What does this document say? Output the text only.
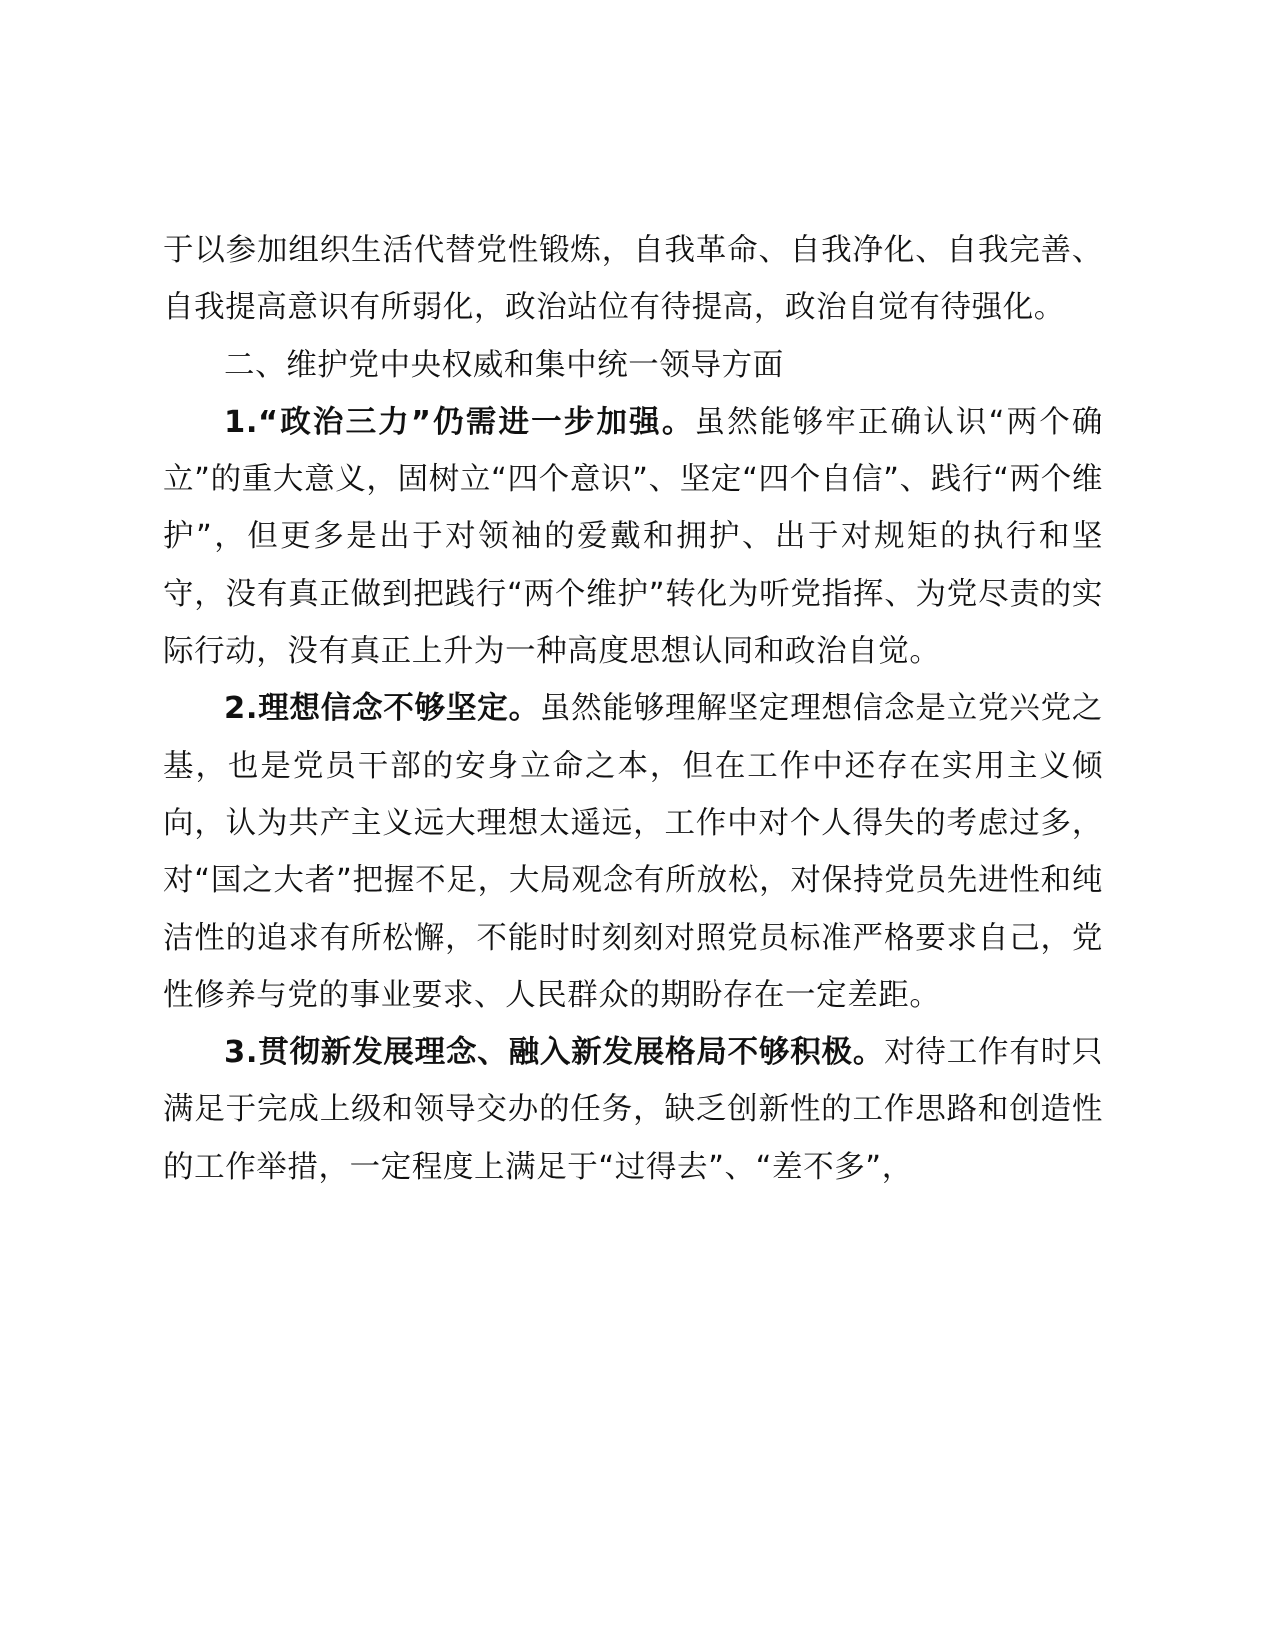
于以参加组织生活代替党性锻炼，自我革命、自我净化、自我完善、自我提高意识有所弱化，政治站位有待提高，政治自觉有待强化。

二、维护党中央权威和集中统一领导方面

1.“政治三力”仍需进一步加强。虽然能够牢正确认识“两个确立”的重大意义，固树立“四个意识”、坚定“四个自信”、践行“两个维护”，但更多是出于对领袖的爱戴和拥护、出于对规矩的执行和坚守，没有真正做到把践行“两个维护”转化为听党指挥、为党尽责的实际行动，没有真正上升为一种高度思想认同和政治自觉。

2.理想信念不够坚定。虽然能够理解坚定理想信念是立党兴党之基，也是党员干部的安身立命之本，但在工作中还存在实用主义倾向，认为共产主义远大理想太遥远，工作中对个人得失的考虑过多，对“国之大者”把握不足，大局观念有所放松，对保持党员先进性和纯洁性的追求有所松懈，不能时时刻刻对照党员标准严格要求自己，党性修养与党的事业要求、人民群众的期盼存在一定差距。

3.贯彻新发展理念、融入新发展格局不够积极。对待工作有时只满足于完成上级和领导交办的任务，缺乏创新性的工作思路和创造性的工作举措，一定程度上满足于“过得去”、“差不多”，
